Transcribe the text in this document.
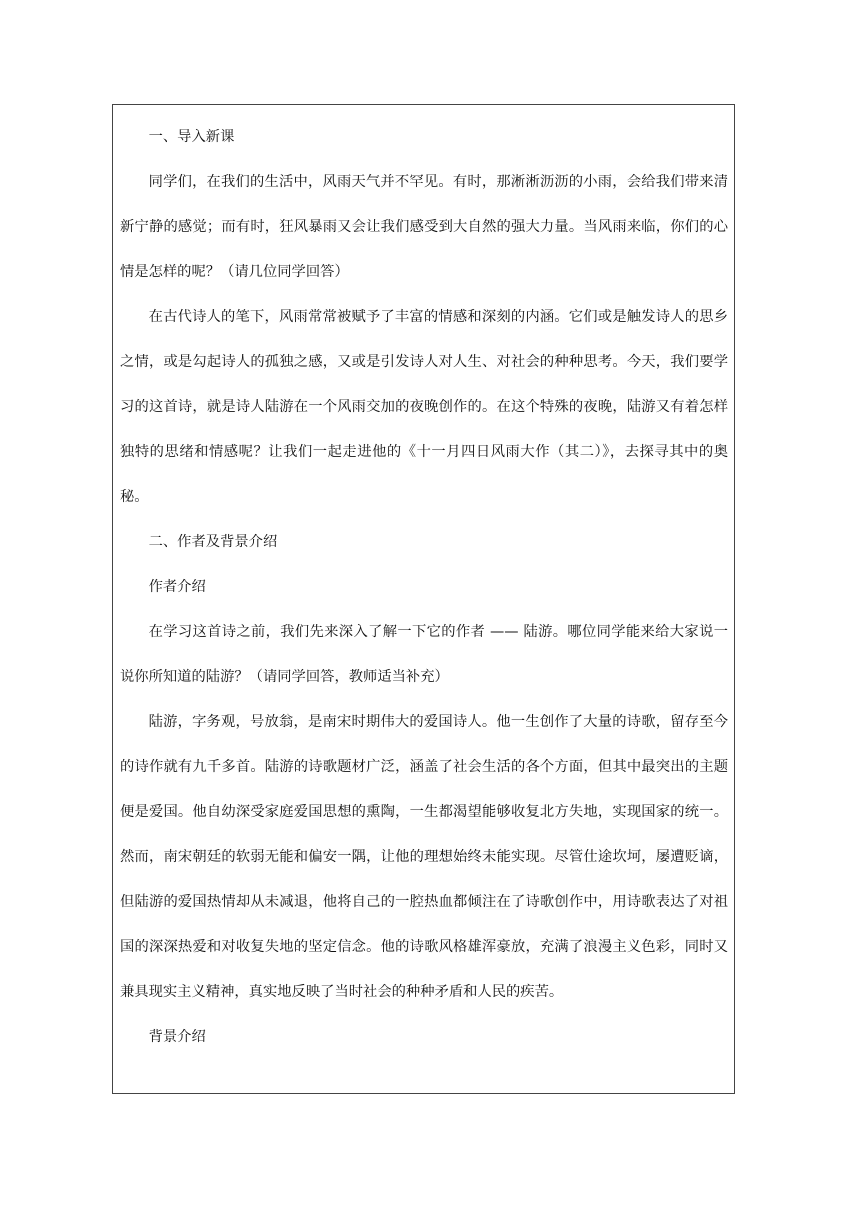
一、导入新课

同学们，在我们的生活中，风雨天气并不罕见。有时，那淅淅沥沥的小雨，会给我们带来清新宁静的感觉；而有时，狂风暴雨又会让我们感受到大自然的强大力量。当风雨来临，你们的心情是怎样的呢？（请几位同学回答）

在古代诗人的笔下，风雨常常被赋予了丰富的情感和深刻的内涵。它们或是触发诗人的思乡之情，或是勾起诗人的孤独之感，又或是引发诗人对人生、对社会的种种思考。今天，我们要学习的这首诗，就是诗人陆游在一个风雨交加的夜晚创作的。在这个特殊的夜晚，陆游又有着怎样独特的思绪和情感呢？让我们一起走进他的《十一月四日风雨大作（其二）》，去探寻其中的奥秘。

二、作者及背景介绍

作者介绍

在学习这首诗之前，我们先来深入了解一下它的作者 —— 陆游。哪位同学能来给大家说一说你所知道的陆游？（请同学回答，教师适当补充）

陆游，字务观，号放翁，是南宋时期伟大的爱国诗人。他一生创作了大量的诗歌，留存至今的诗作就有九千多首。陆游的诗歌题材广泛，涵盖了社会生活的各个方面，但其中最突出的主题便是爱国。他自幼深受家庭爱国思想的熏陶，一生都渴望能够收复北方失地，实现国家的统一。然而，南宋朝廷的软弱无能和偏安一隅，让他的理想始终未能实现。尽管仕途坎坷，屡遭贬谪，但陆游的爱国热情却从未减退，他将自己的一腔热血都倾注在了诗歌创作中，用诗歌表达了对祖国的深深热爱和对收复失地的坚定信念。他的诗歌风格雄浑豪放，充满了浪漫主义色彩，同时又兼具现实主义精神，真实地反映了当时社会的种种矛盾和人民的疾苦。

背景介绍
